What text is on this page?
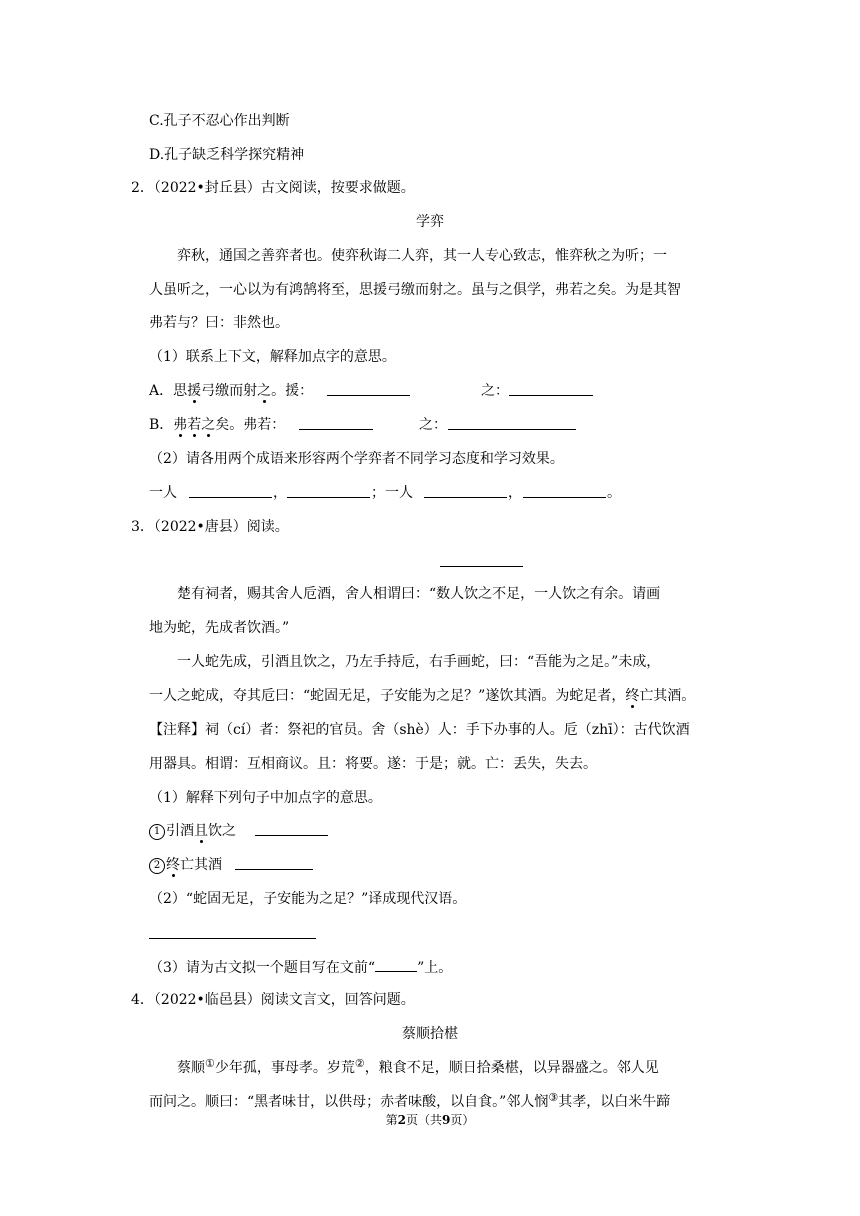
C.孔子不忍心作出判断
D.孔子缺乏科学探究精神
2．（2022•封丘县）古文阅读，按要求做题。
学弈
弈秋，通国之善弈者也。使弈秋诲二人弈，其一人专心致志，惟弈秋之为听；一
人虽听之，一心以为有鸿鹄将至，思援弓缴而射之。虽与之俱学，弗若之矣。为是其智
弗若与？曰：非然也。
（1）联系上下文，解释加点字的意思。
A．思援弓缴而射之。援：	之：
B．弗若之矣。弗若：	之：
（2）请各用两个成语来形容两个学弈者不同学习态度和学习效果。
一人	，	；一人	，	。
3．（2022•唐县）阅读。
楚有祠者，赐其舍人卮酒，舍人相谓曰：“数人饮之不足，一人饮之有余。请画
地为蛇，先成者饮酒。”
一人蛇先成，引酒且饮之，乃左手持卮，右手画蛇，曰：“吾能为之足。”未成，
一人之蛇成，夺其卮曰：“蛇固无足，子安能为之足？”遂饮其酒。为蛇足者，终亡其酒。
【注释】祠（cí）者：祭祀的官员。舍（shè）人：手下办事的人。卮（zhī）：古代饮酒
用器具。相谓：互相商议。且：将要。遂：于是；就。亡：丢失，失去。
（1）解释下列句子中加点字的意思。
1 引酒且饮之
2 终亡其酒
（2）“蛇固无足，子安能为之足？”译成现代汉语。
（3）请为古文拟一个题目写在文前“	”上。
4．（2022•临邑县）阅读文言文，回答问题。
蔡顺拾椹
蔡顺①少年孤，事母孝。岁荒②，粮食不足，顺日拾桑椹，以异器盛之。邻人见
而问之。顺曰：“黑者味甘，以供母；赤者味酸，以自食。”邻人悯③其孝，以白米牛蹄
第2页（共9页）
